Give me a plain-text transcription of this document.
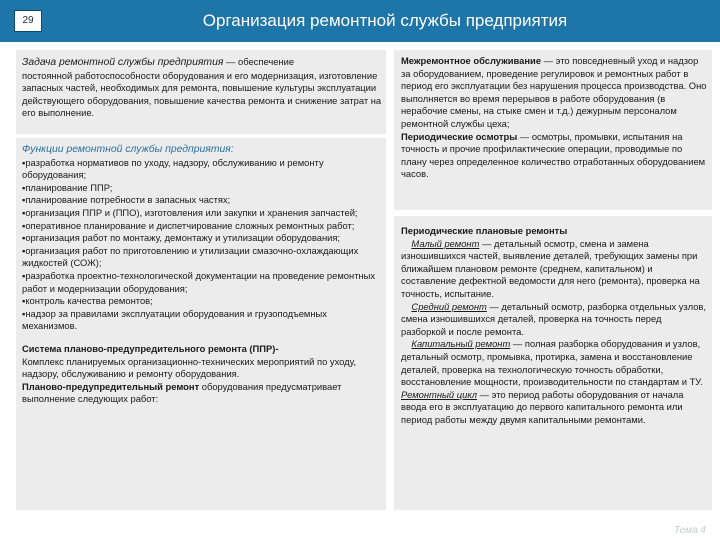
29	Организация ремонтной службы предприятия

Задача ремонтной службы предприятия — обеспечение

постоянной работоспособности оборудования и его модернизация, изготовление запасных частей, необходимых для ремонта, повышение культуры эксплуатации действующего оборудования, повышение качества ремонта и снижение затрат на его выполнение.

Функции ремонтной службы предприятия:

▪ разработка нормативов по уходу, надзору, обслуживанию и ремонту оборудования;
▪ планирование ППР;
▪ планирование потребности в запасных частях;
▪ организация ППР и (ППО), изготовления или закупки и хранения запчастей;
▪ оперативное планирование и диспетчирование сложных ремонтных работ;
▪ организация работ по монтажу, демонтажу и утилизации оборудования;
▪ организация работ по приготовлению и утилизации смазочно-охлаждающих жидкостей (СОЖ);
▪ разработка проектно-технологической документации на проведение ремонтных работ и модернизации оборудования;
▪ контроль качества ремонтов;
▪ надзор за правилами эксплуатации оборудования и грузоподъемных механизмов.

Система планово-предупредительного ремонта (ППР)-

Комплекс планируемых организационно-технических мероприятий по уходу, надзору, обслуживанию и ремонту оборудования.

Планово-предупредительный ремонт оборудования предусматривает выполнение следующих работ:

Межремонтное обслуживание — это повседневный уход и надзор за оборудованием, проведение регулировок и ремонтных работ в период его эксплуатации без нарушения процесса производства. Оно выполняется во время перерывов в работе оборудования (в нерабочие смены, на стыке смен и т.д.) дежурным персоналом ремонтной службы цеха;

Периодические осмотры — осмотры, промывки, испытания на точность и прочие профилактические операции, проводимые по плану через определенное количество отработанных оборудованием часов.

Периодические плановые ремонты

Малый ремонт — детальный осмотр, смена и замена изношившихся частей, выявление деталей, требующих замены при ближайшем плановом ремонте (среднем, капитальном) и составление дефектной ведомости для него (ремонта), проверка на точность, испытание.

Средний ремонт — детальный осмотр, разборка отдельных узлов, смена изношившихся деталей, проверка на точность перед разборкой и после ремонта.

Капитальный ремонт — полная разборка оборудования и узлов, детальный осмотр, промывка, протирка, замена и восстановление деталей, проверка на технологическую точность обработки, восстановление мощности, производительности по стандартам и ТУ.

Ремонтный цикл — это период работы оборудования от начала ввода его в эксплуатацию до первого капитального ремонта или период работы между двумя капитальными ремонтами.

Тема 4
